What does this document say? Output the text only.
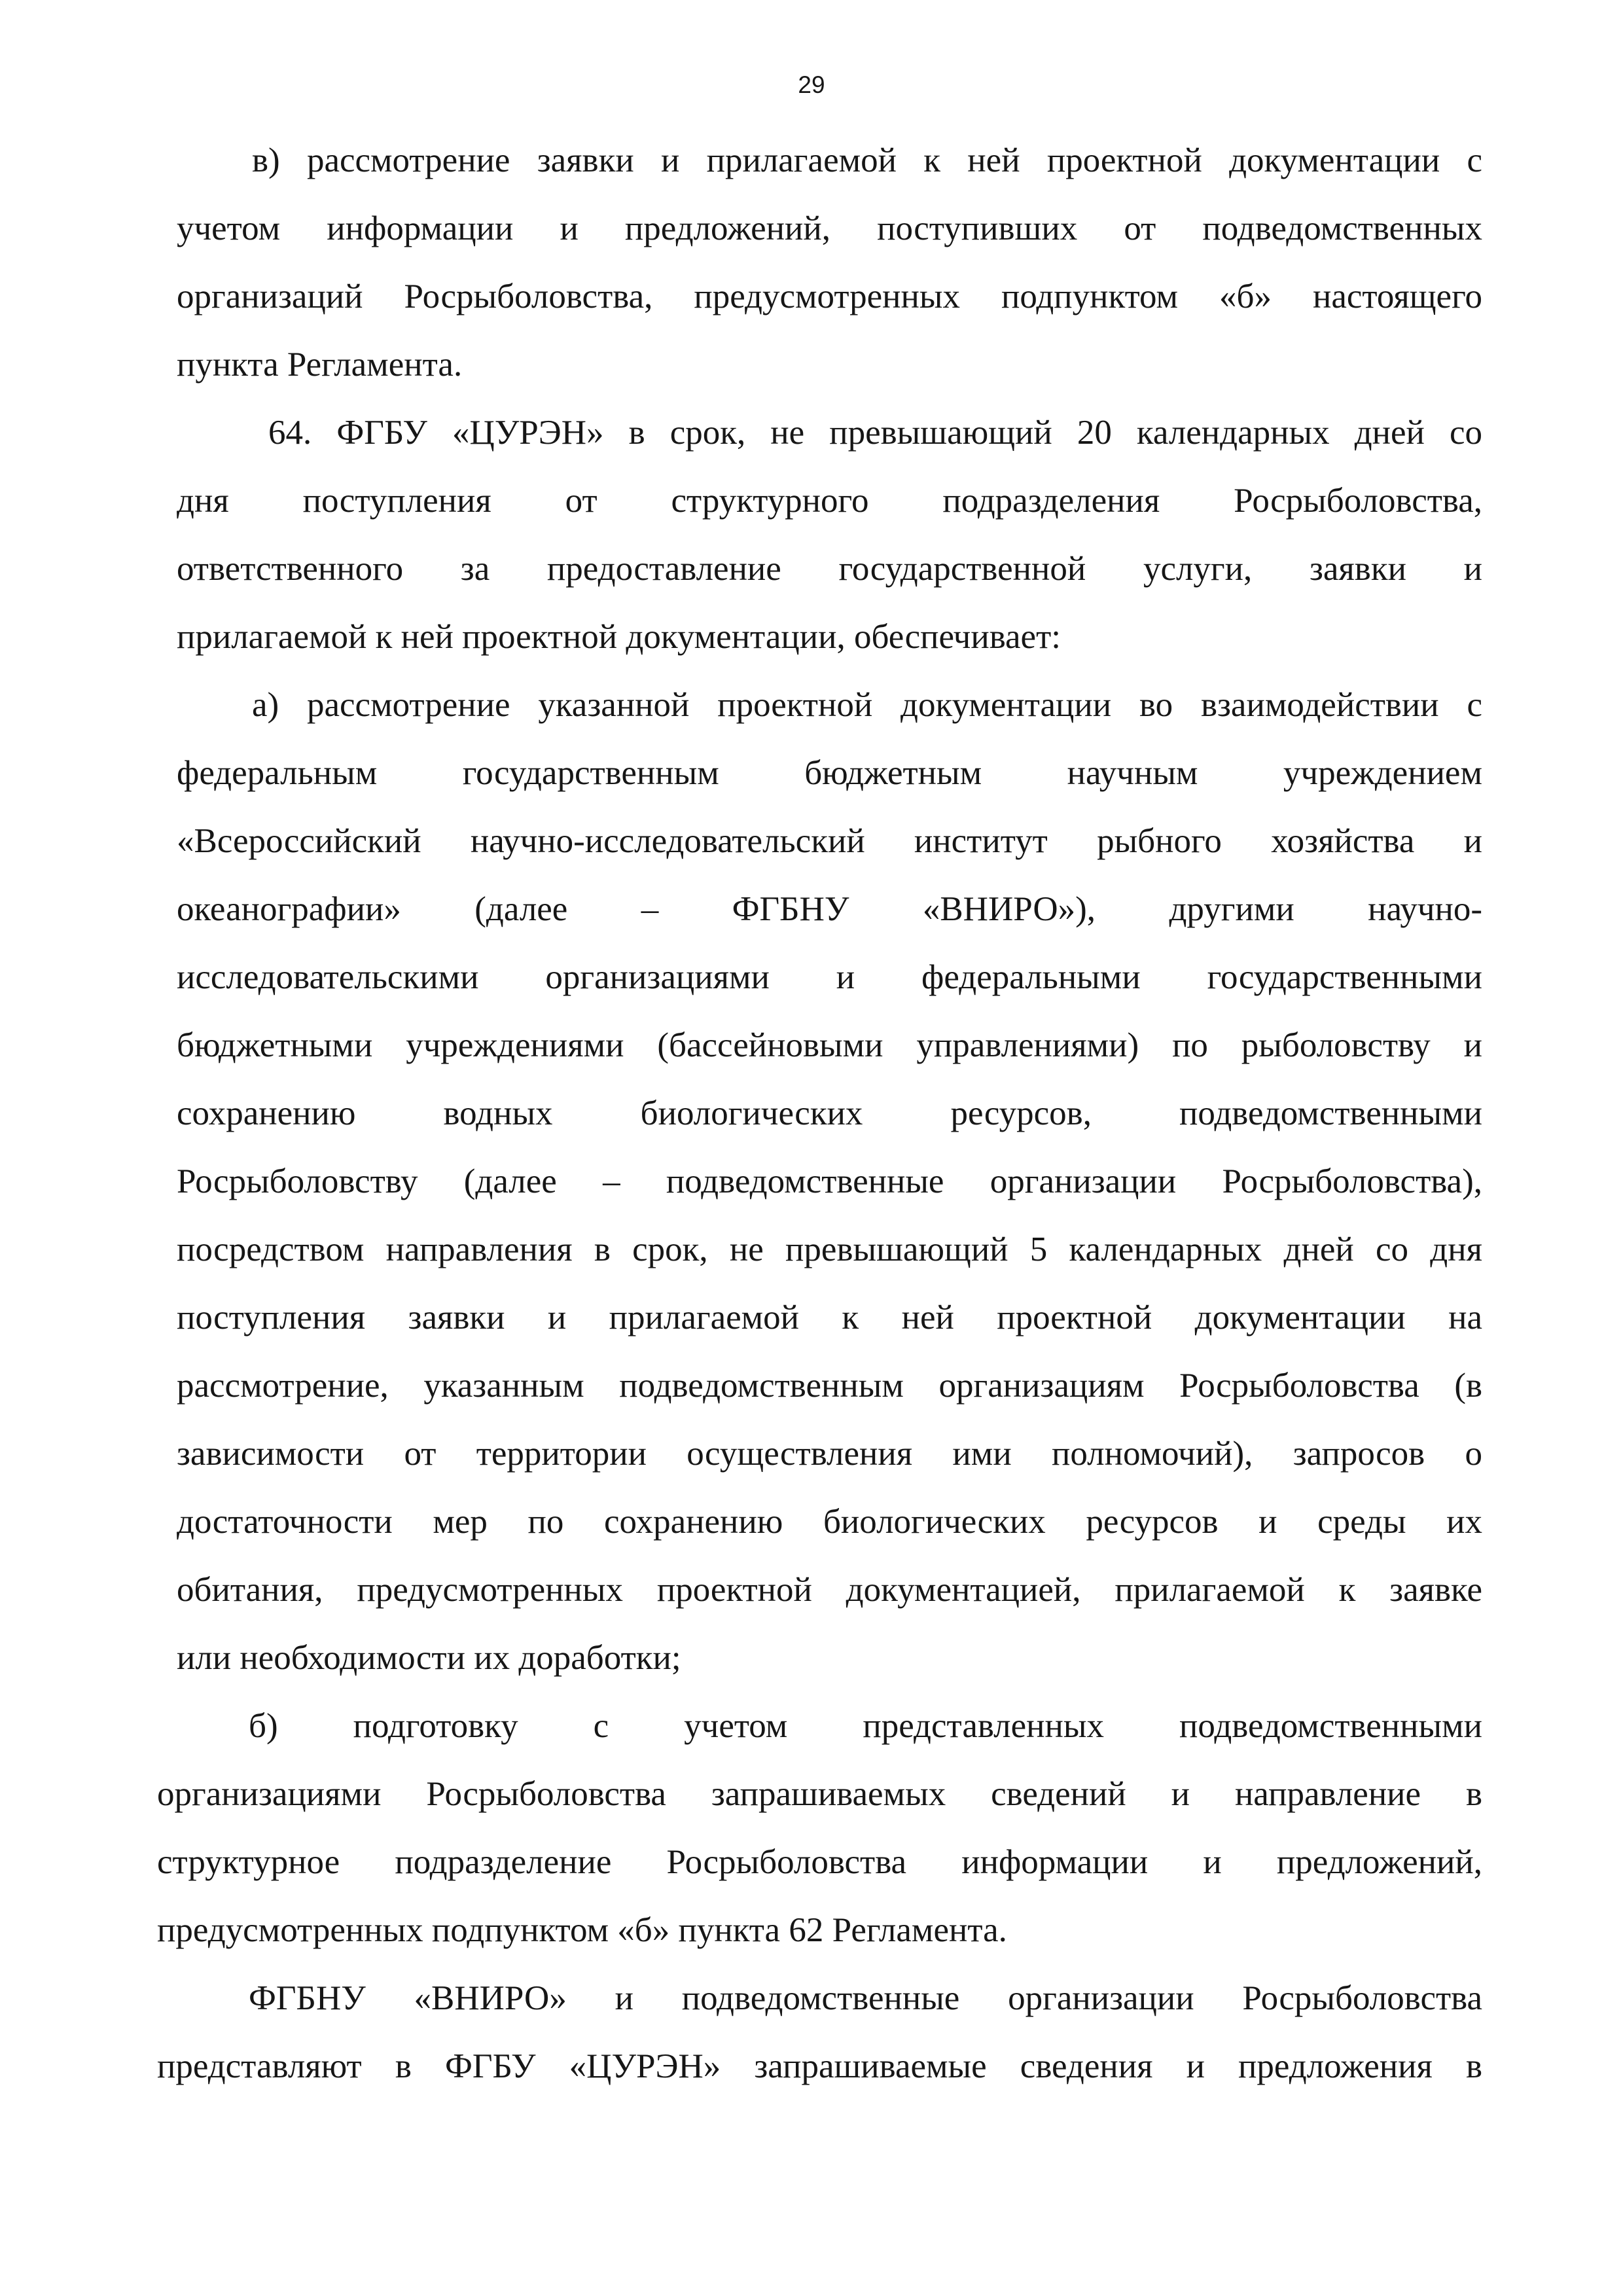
29
в) рассмотрение заявки и прилагаемой к ней проектной документации с
учетом информации и предложений, поступивших от подведомственных
организаций Росрыболовства, предусмотренных подпунктом «б» настоящего
пункта Регламента.
64. ФГБУ «ЦУРЭН» в срок, не превышающий 20 календарных дней со
дня поступления от структурного подразделения Росрыболовства,
ответственного за предоставление государственной услуги, заявки и
прилагаемой к ней проектной документации, обеспечивает:
а) рассмотрение указанной проектной документации во взаимодействии с
федеральным государственным бюджетным научным учреждением
«Всероссийский научно-исследовательский институт рыбного хозяйства и
океанографии» (далее – ФГБНУ «ВНИРО»), другими научно-
исследовательскими организациями и федеральными государственными
бюджетными учреждениями (бассейновыми управлениями) по рыболовству и
сохранению водных биологических ресурсов, подведомственными
Росрыболовству (далее – подведомственные организации Росрыболовства),
посредством направления в срок, не превышающий 5 календарных дней со дня
поступления заявки и прилагаемой к ней проектной документации на
рассмотрение, указанным подведомственным организациям Росрыболовства (в
зависимости от территории осуществления ими полномочий), запросов о
достаточности мер по сохранению биологических ресурсов и среды их
обитания, предусмотренных проектной документацией, прилагаемой к заявке
или необходимости их доработки;
б) подготовку с учетом представленных подведомственными
организациями Росрыболовства запрашиваемых сведений и направление в
структурное подразделение Росрыболовства информации и предложений,
предусмотренных подпунктом «б» пункта 62 Регламента.
ФГБНУ «ВНИРО» и подведомственные организации Росрыболовства
представляют в ФГБУ «ЦУРЭН» запрашиваемые сведения и предложения в
